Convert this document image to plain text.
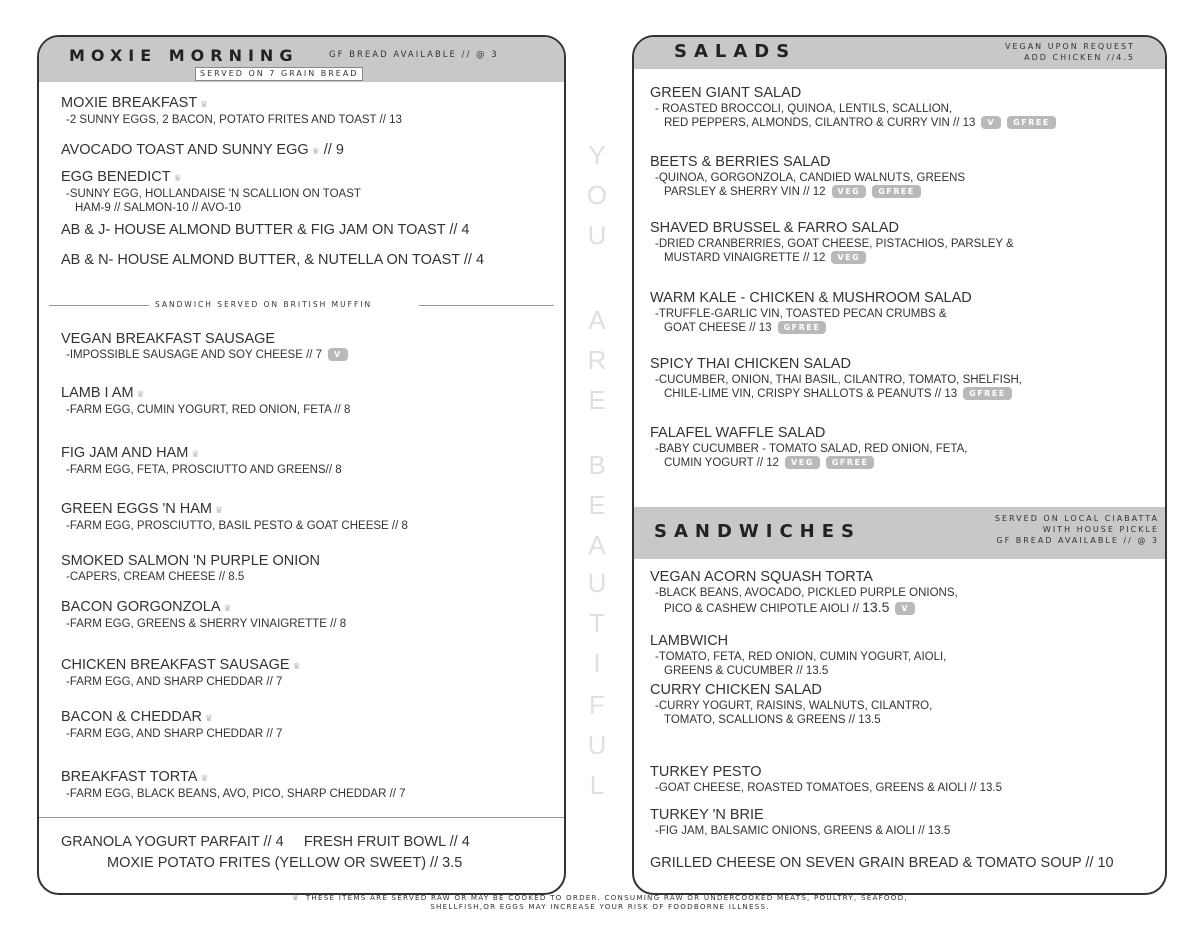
MOXIE MORNING	GF BREAD AVAILABLE // @ 3
SERVED ON 7 GRAIN BREAD
MOXIE BREAKFAST ♛
-2 SUNNY EGGS, 2 BACON, POTATO FRITES AND TOAST // 13
AVOCADO TOAST AND SUNNY EGG ♛ // 9
EGG BENEDICT ♛
-SUNNY EGG, HOLLANDAISE 'N SCALLION ON TOAST
HAM-9 // SALMON-10 // AVO-10
AB & J- HOUSE ALMOND BUTTER & FIG JAM ON TOAST // 4
AB & N- HOUSE ALMOND BUTTER, & NUTELLA ON TOAST // 4
SANDWICH SERVED ON BRITISH MUFFIN
VEGAN BREAKFAST SAUSAGE
-IMPOSSIBLE SAUSAGE AND SOY CHEESE // 7 V
LAMB I AM ♛
-FARM EGG, CUMIN YOGURT, RED ONION, FETA // 8
FIG JAM AND HAM ♛
-FARM EGG, FETA, PROSCIUTTO AND GREENS// 8
GREEN EGGS 'N HAM ♛
-FARM EGG, PROSCIUTTO, BASIL PESTO & GOAT CHEESE // 8
SMOKED SALMON 'N PURPLE ONION
-CAPERS, CREAM CHEESE // 8.5
BACON GORGONZOLA ♛
-FARM EGG, GREENS & SHERRY VINAIGRETTE // 8
CHICKEN BREAKFAST SAUSAGE ♛
-FARM EGG, AND SHARP CHEDDAR // 7
BACON & CHEDDAR ♛
-FARM EGG, AND SHARP CHEDDAR // 7
BREAKFAST TORTA ♛
-FARM EGG, BLACK BEANS, AVO, PICO, SHARP CHEDDAR // 7
GRANOLA YOGURT PARFAIT // 4     FRESH FRUIT BOWL // 4
MOXIE POTATO FRITES (YELLOW OR SWEET) // 3.5
Y
O
U
A
R
E
B
E
A
U
T
I
F
U
L
SALADS	VEGAN UPON REQUEST
ADD CHICKEN //4.5
GREEN GIANT SALAD
- ROASTED BROCCOLI, QUINOA, LENTILS, SCALLION,
RED PEPPERS, ALMONDS, CILANTRO & CURRY VIN // 13 V GFREE
BEETS & BERRIES SALAD
-QUINOA, GORGONZOLA, CANDIED WALNUTS, GREENS
PARSLEY & SHERRY VIN // 12 VEG GFREE
SHAVED BRUSSEL & FARRO SALAD
-DRIED CRANBERRIES, GOAT CHEESE, PISTACHIOS, PARSLEY &
MUSTARD VINAIGRETTE // 12 VEG
WARM KALE - CHICKEN & MUSHROOM SALAD
-TRUFFLE-GARLIC VIN, TOASTED PECAN CRUMBS &
GOAT CHEESE // 13 GFREE
SPICY THAI CHICKEN SALAD
-CUCUMBER, ONION, THAI BASIL, CILANTRO, TOMATO, SHELFISH,
CHILE-LIME VIN, CRISPY SHALLOTS & PEANUTS // 13 GFREE
FALAFEL WAFFLE SALAD
-BABY CUCUMBER - TOMATO SALAD, RED ONION, FETA,
CUMIN YOGURT // 12 VEG GFREE
SANDWICHES
SERVED ON LOCAL CIABATTA
WITH HOUSE PICKLE
GF BREAD AVAILABLE // @ 3
VEGAN ACORN SQUASH TORTA
-BLACK BEANS, AVOCADO, PICKLED PURPLE ONIONS,
PICO & CASHEW CHIPOTLE AIOLI // 13.5 V
LAMBWICH
-TOMATO, FETA, RED ONION, CUMIN YOGURT, AIOLI,
GREENS & CUCUMBER // 13.5
CURRY CHICKEN SALAD
-CURRY YOGURT, RAISINS, WALNUTS, CILANTRO,
TOMATO, SCALLIONS & GREENS // 13.5
TURKEY PESTO
-GOAT CHEESE, ROASTED TOMATOES, GREENS & AIOLI // 13.5
TURKEY 'N BRIE
-FIG JAM, BALSAMIC ONIONS, GREENS & AIOLI // 13.5
GRILLED CHEESE ON SEVEN GRAIN BREAD & TOMATO SOUP // 10
♛ THESE ITEMS ARE SERVED RAW OR MAY BE COOKED TO ORDER. CONSUMING RAW OR UNDERCOOKED MEATS, POULTRY, SEAFOOD,
SHELLFISH,OR EGGS MAY INCREASE YOUR RISK OF FOODBORNE ILLNESS.
